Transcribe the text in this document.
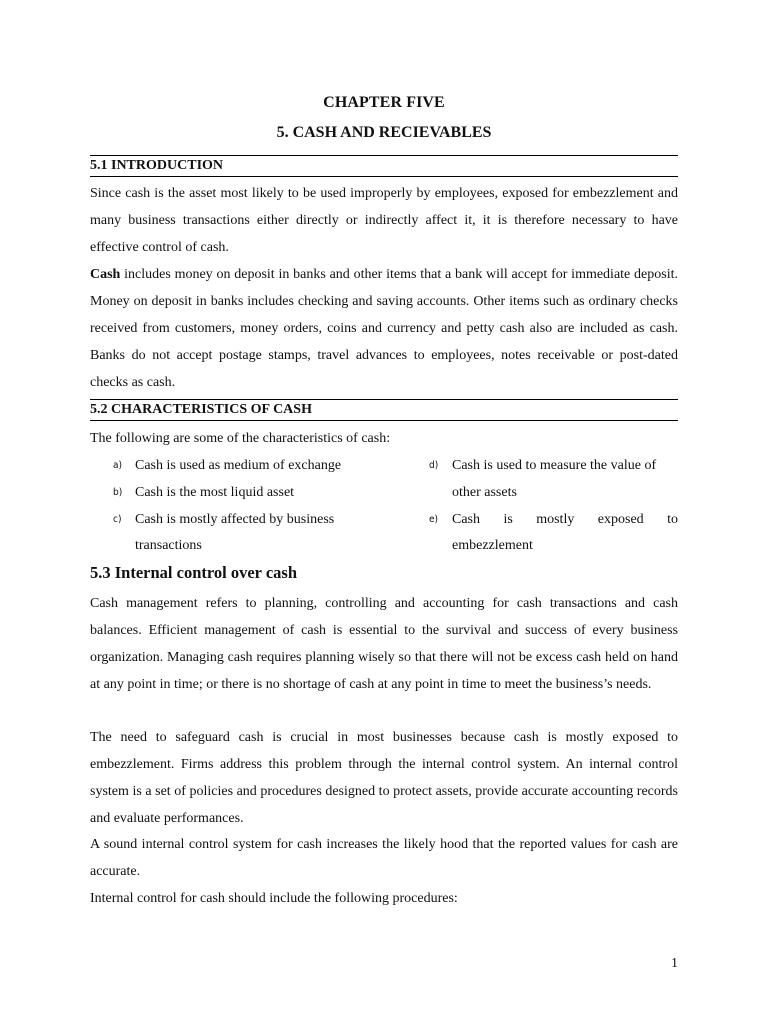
CHAPTER FIVE
5. CASH AND RECIEVABLES
5.1 INTRODUCTION

Since cash is the asset most likely to be used improperly by employees, exposed for embezzlement and many business transactions either directly or indirectly affect it, it is therefore necessary to have effective control of cash.

Cash includes money on deposit in banks and other items that a bank will accept for immediate deposit. Money on deposit in banks includes checking and saving accounts. Other items such as ordinary checks received from customers, money orders, coins and currency and petty cash also are included as cash. Banks do not accept postage stamps, travel advances to employees, notes receivable or post-dated checks as cash.

5.2 CHARACTERISTICS OF CASH

The following are some of the characteristics of cash:

a) Cash is used as medium of exchange
b) Cash is the most liquid asset
c) Cash is mostly affected by business
transactions
d) Cash is used to measure the value of
other assets
e) Cash is mostly exposed to
embezzlement
5.3 Internal control over cash

Cash management refers to planning, controlling and accounting for cash transactions and cash balances. Efficient management of cash is essential to the survival and success of every business organization. Managing cash requires planning wisely so that there will not be excess cash held on hand at any point in time; or there is no shortage of cash at any point in time to meet the business’s needs.

The need to safeguard cash is crucial in most businesses because cash is mostly exposed to embezzlement. Firms address this problem through the internal control system. An internal control system is a set of policies and procedures designed to protect assets, provide accurate accounting records and evaluate performances.

A sound internal control system for cash increases the likely hood that the reported values for cash are accurate.

Internal control for cash should include the following procedures:

1
